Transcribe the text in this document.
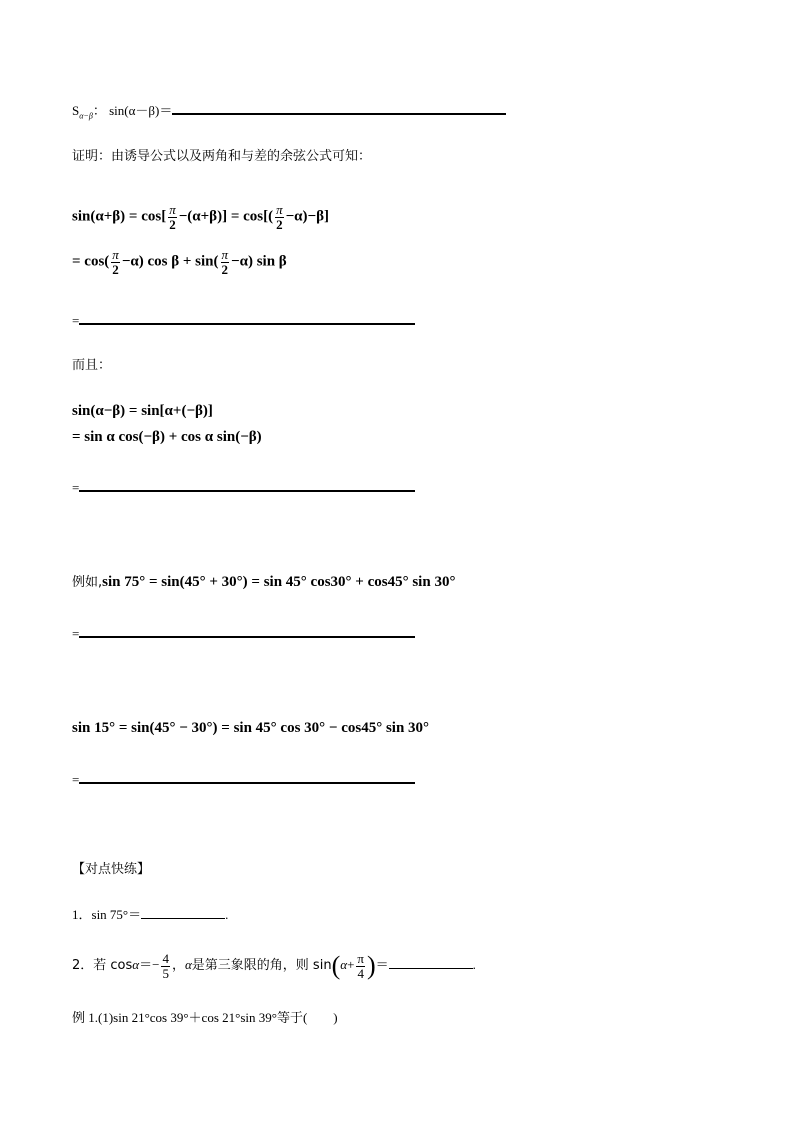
$S_{\alpha-\beta}$： sin(α－β)＝
证明：由诱导公式以及两角和与差的余弦公式可知：
$\sin(\alpha+\beta) = \cos[ \frac{\pi}{2} -(\alpha+\beta)] = \cos[( \frac{\pi}{2} -\alpha)-\beta]$
= $\cos( \frac{\pi}{2} -\alpha)$ $\cos \beta + \sin( \frac{\pi}{2} -\alpha)$ sin β
=
而且：
sin(α−β) = sin[α+(−β)]
= sin α cos(−β) + cos α sin(−β)
=
例如,sin 75° = sin(45° + 30°) = sin 45° cos30° + cos45° sin 30°
=
sin 15° = sin(45° − 30°) = sin 45° cos 30° − cos45° sin 30°
=
【对点快练】
1．sin 75°＝	.
2．若 $\cos\alpha=- \frac{4}{5}$ ，α是第三象限的角，则 $\sin(\alpha+ \frac{\pi}{4}$ )＝	.
例 1.(1)sin 21°cos 39°＋cos 21°sin 39°等于(　　)
